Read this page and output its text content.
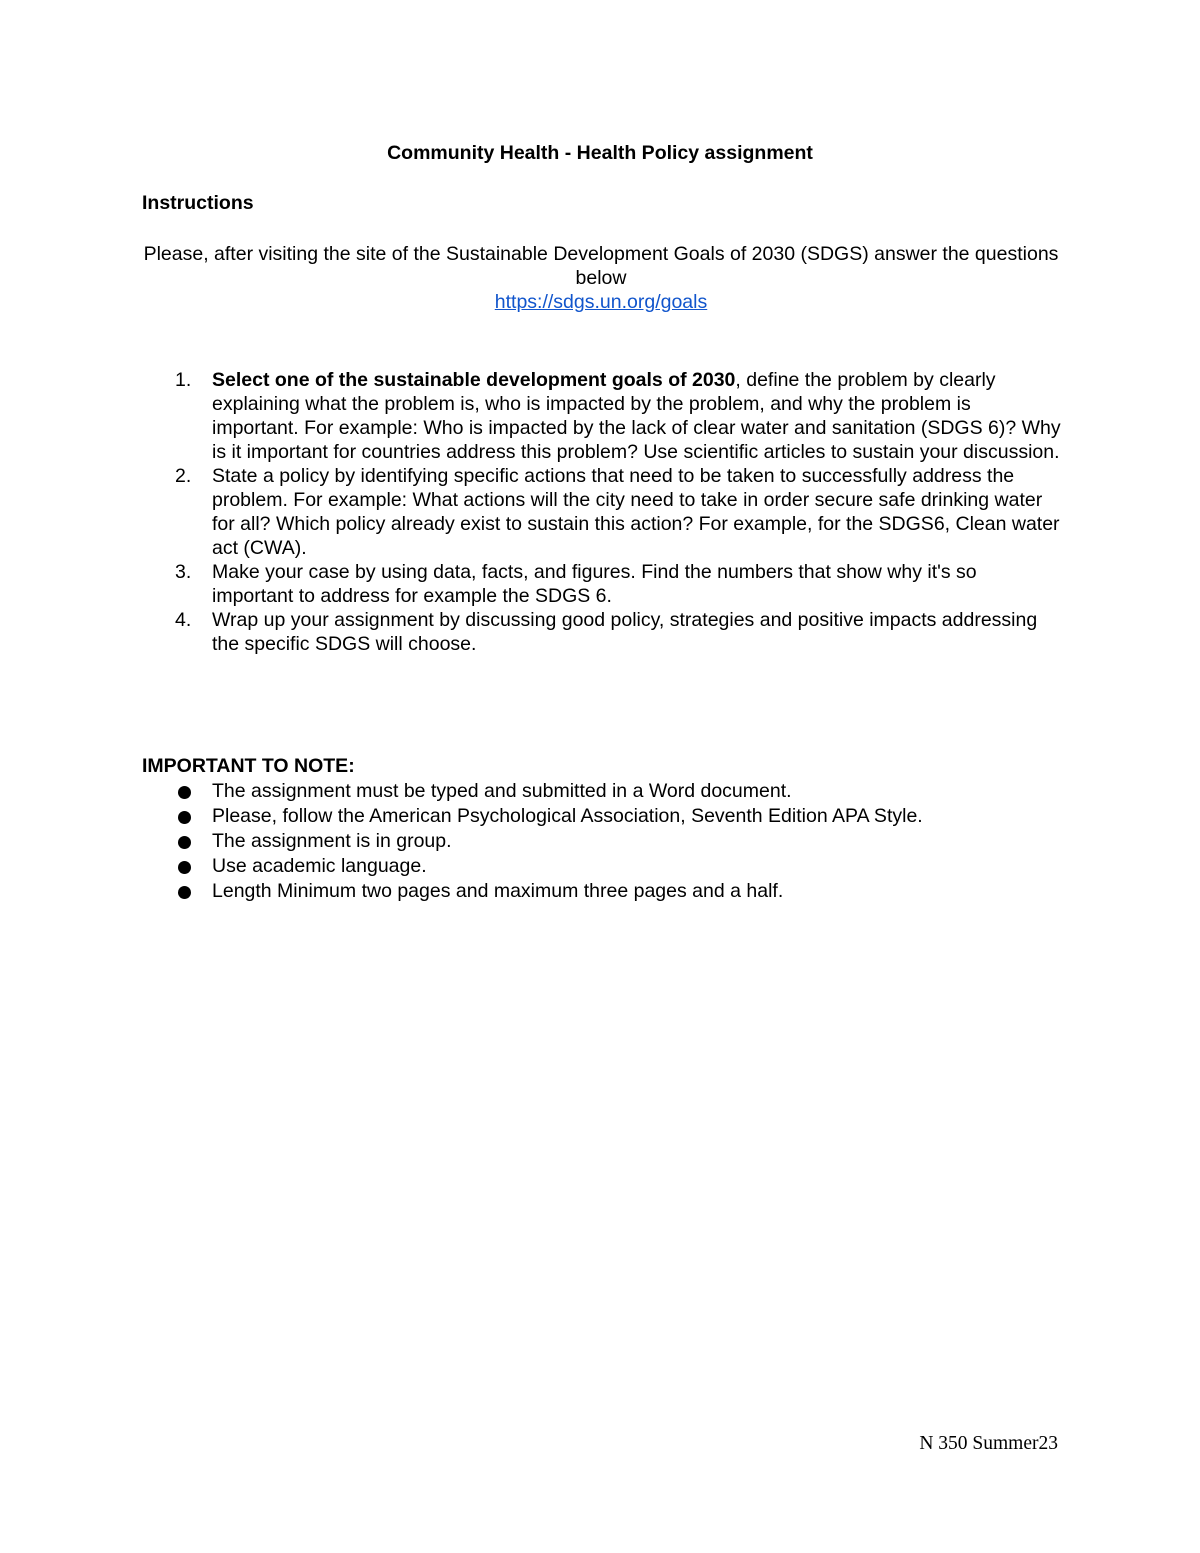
Community Health - Health Policy assignment
Instructions
Please, after visiting the site of the Sustainable Development Goals of 2030 (SDGS) answer the questions below
https://sdgs.un.org/goals
1. Select one of the sustainable development goals of 2030, define the problem by clearly explaining what the problem is, who is impacted by the problem, and why the problem is important. For example: Who is impacted by the lack of clear water and sanitation (SDGS 6)? Why is it important for countries address this problem? Use scientific articles to sustain your discussion.
2. State a policy by identifying specific actions that need to be taken to successfully address the problem. For example: What actions will the city need to take in order secure safe drinking water for all? Which policy already exist to sustain this action? For example, for the SDGS6, Clean water act (CWA).
3. Make your case by using data, facts, and figures. Find the numbers that show why it's so important to address for example the SDGS 6.
4. Wrap up your assignment by discussing good policy, strategies and positive impacts addressing the specific SDGS will choose.
IMPORTANT TO NOTE:
The assignment must be typed and submitted in a Word document.
Please, follow the American Psychological Association, Seventh Edition APA Style.
The assignment is in group.
Use academic language.
Length Minimum two pages and maximum three pages and a half.
N 350 Summer23
